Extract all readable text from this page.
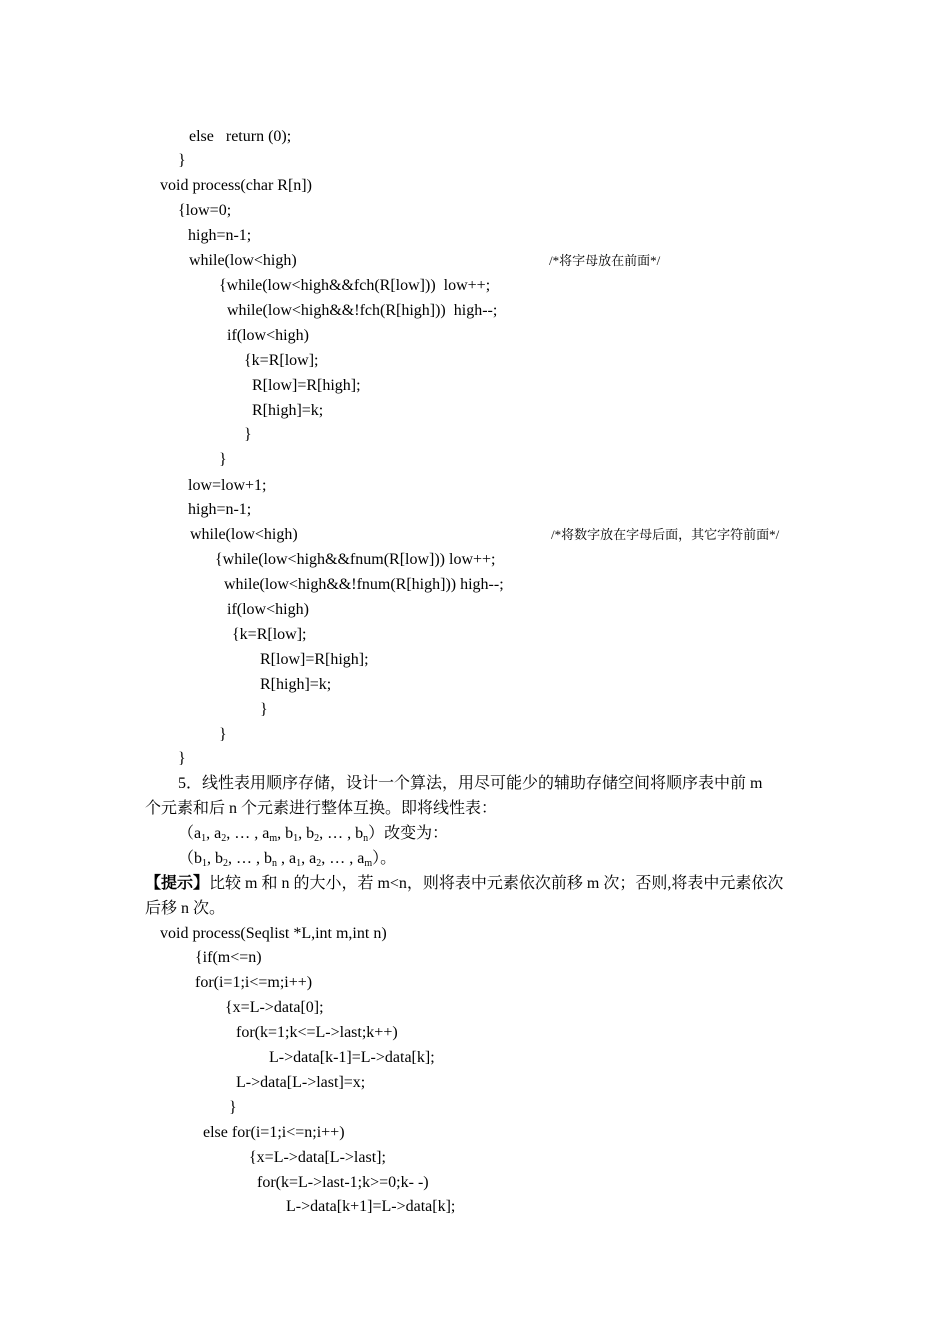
else   return (0);
}
void process(char R[n])
{low=0;
high=n-1;
while(low<high)	/*将字母放在前面*/
{while(low<high&&fch(R[low]))  low++;
while(low<high&&!fch(R[high]))  high--;
if(low<high)
{k=R[low];
R[low]=R[high];
R[high]=k;
}
}
low=low+1;
high=n-1;
while(low<high)	/*将数字放在字母后面，其它字符前面*/
{while(low<high&&fnum(R[low])) low++;
while(low<high&&!fnum(R[high])) high--;
if(low<high)
{k=R[low];
R[low]=R[high];
R[high]=k;
}
}
}
5．线性表用顺序存储，设计一个算法，用尽可能少的辅助存储空间将顺序表中前 m
个元素和后 n 个元素进行整体互换。即将线性表：
（a1, a2, … , am, b1, b2, … , bn）改变为：
（b1, b2, … , bn , a1, a2, … , am）。
【提示】比较 m 和 n 的大小，若 m<n，则将表中元素依次前移 m 次；否则,将表中元素依次
后移 n 次。
void process(Seqlist *L,int m,int n)
{if(m<=n)
for(i=1;i<=m;i++)
{x=L->data[0];
for(k=1;k<=L->last;k++)
L->data[k-1]=L->data[k];
L->data[L->last]=x;
}
else for(i=1;i<=n;i++)
{x=L->data[L->last];
for(k=L->last-1;k>=0;k- -)
L->data[k+1]=L->data[k];
